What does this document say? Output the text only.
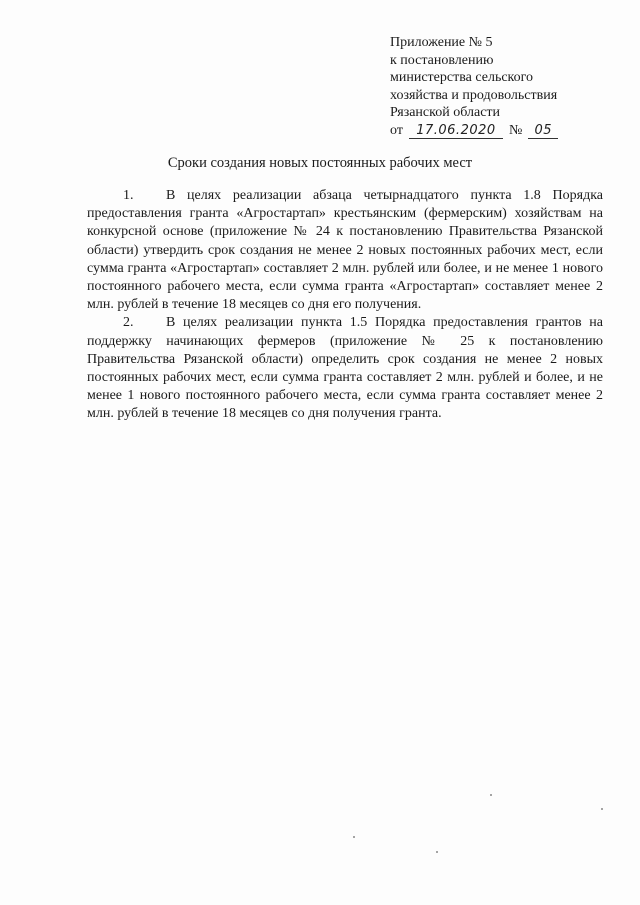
Приложение № 5
к постановлению
министерства сельского
хозяйства и продовольствия
Рязанской области
от	17.06.2020 № 05
Сроки создания новых постоянных рабочих мест

1. В целях реализации абзаца четырнадцатого пункта 1.8 Порядка предоставления гранта «Агростартап» крестьянским (фермерским) хозяйствам на конкурсной основе (приложение № 24 к постановлению Правительства Рязанской области) утвердить срок создания не менее 2 новых постоянных рабочих мест, если сумма гранта «Агростартап» составляет 2 млн. рублей или более, и не менее 1 нового постоянного рабочего места, если сумма гранта «Агростартап» составляет менее 2 млн. рублей в течение 18 месяцев со дня его получения.

2. В целях реализации пункта 1.5 Порядка предоставления грантов на поддержку начинающих фермеров (приложение № 25 к постановлению Правительства Рязанской области) определить срок создания не менее 2 новых постоянных рабочих мест, если сумма гранта составляет 2 млн. рублей и более, и не менее 1 нового постоянного рабочего места, если сумма гранта составляет менее 2 млн. рублей в течение 18 месяцев со дня получения гранта.
